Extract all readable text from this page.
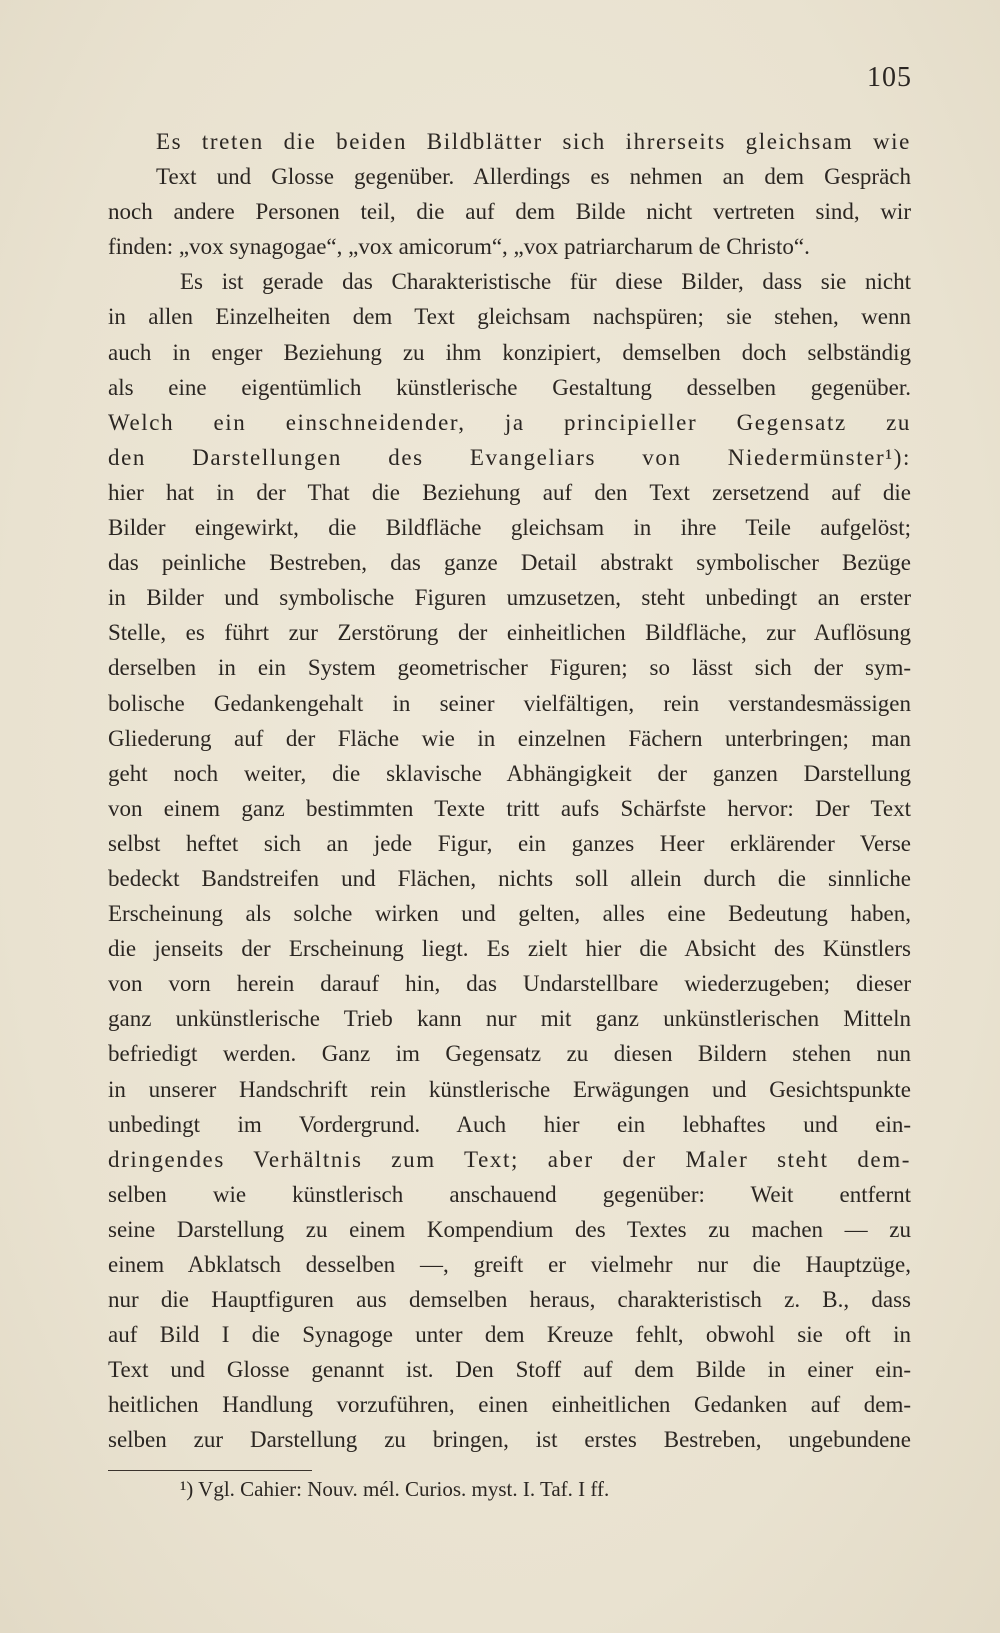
105
Es treten die beiden Bildblätter sich ihrerseits gleichsam wie
Text und Glosse gegenüber. Allerdings es nehmen an dem Gespräch
noch andere Personen teil, die auf dem Bilde nicht vertreten sind, wir
finden: „vox synagogae“, „vox amicorum“, „vox patriarcharum de Christo“.
Es ist gerade das Charakteristische für diese Bilder, dass sie nicht
in allen Einzelheiten dem Text gleichsam nachspüren; sie stehen, wenn
auch in enger Beziehung zu ihm konzipiert, demselben doch selbständig
als eine eigentümlich künstlerische Gestaltung desselben gegenüber.
Welch ein einschneidender, ja principieller Gegensatz zu
den Darstellungen des Evangeliars von Niedermünster¹):
hier hat in der That die Beziehung auf den Text zersetzend auf die
Bilder eingewirkt, die Bildfläche gleichsam in ihre Teile aufgelöst;
das peinliche Bestreben, das ganze Detail abstrakt symbolischer Bezüge
in Bilder und symbolische Figuren umzusetzen, steht unbedingt an erster
Stelle, es führt zur Zerstörung der einheitlichen Bildfläche, zur Auflösung
derselben in ein System geometrischer Figuren; so lässt sich der sym-
bolische Gedankengehalt in seiner vielfältigen, rein verstandesmässigen
Gliederung auf der Fläche wie in einzelnen Fächern unterbringen; man
geht noch weiter, die sklavische Abhängigkeit der ganzen Darstellung
von einem ganz bestimmten Texte tritt aufs Schärfste hervor: Der Text
selbst heftet sich an jede Figur, ein ganzes Heer erklärender Verse
bedeckt Bandstreifen und Flächen, nichts soll allein durch die sinnliche
Erscheinung als solche wirken und gelten, alles eine Bedeutung haben,
die jenseits der Erscheinung liegt. Es zielt hier die Absicht des Künstlers
von vorn herein darauf hin, das Undarstellbare wiederzugeben; dieser
ganz unkünstlerische Trieb kann nur mit ganz unkünstlerischen Mitteln
befriedigt werden. Ganz im Gegensatz zu diesen Bildern stehen nun
in unserer Handschrift rein künstlerische Erwägungen und Gesichtspunkte
unbedingt im Vordergrund. Auch hier ein lebhaftes und ein-
dringendes Verhältnis zum Text; aber der Maler steht dem-
selben wie künstlerisch anschauend gegenüber: Weit entfernt
seine Darstellung zu einem Kompendium des Textes zu machen — zu
einem Abklatsch desselben —, greift er vielmehr nur die Hauptzüge,
nur die Hauptfiguren aus demselben heraus, charakteristisch z. B., dass
auf Bild I die Synagoge unter dem Kreuze fehlt, obwohl sie oft in
Text und Glosse genannt ist. Den Stoff auf dem Bilde in einer ein-
heitlichen Handlung vorzuführen, einen einheitlichen Gedanken auf dem-
selben zur Darstellung zu bringen, ist erstes Bestreben, ungebundene
¹) Vgl. Cahier: Nouv. mél. Curios. myst. I. Taf. I ff.
